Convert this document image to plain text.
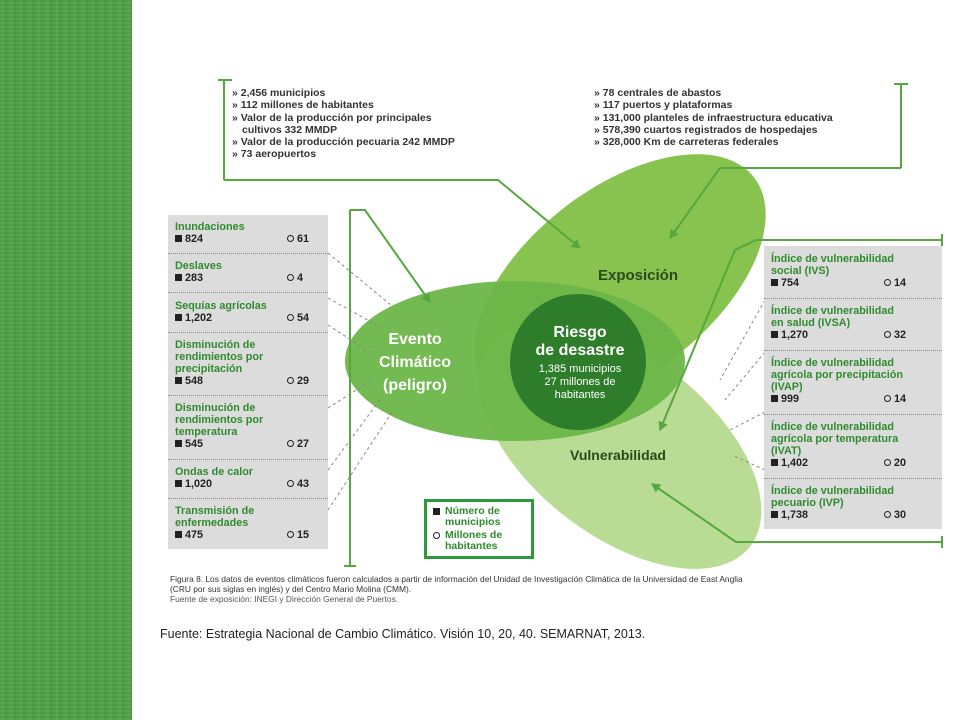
Evento
Climático
(peligro)
Exposición
Vulnerabilidad
Riesgo
de desastre
1,385 municipios
27 millones de
habitantes
» 2,456 municipios
» 112 millones de habitantes
» Valor de la producción por principales
cultivos 332 MMDP
» Valor de la producción pecuaria 242 MMDP
» 73 aeropuertos
» 78 centrales de abastos
» 117 puertos y plataformas
» 131,000 planteles de infraestructura educativa
» 578,390 cuartos registrados de hospedajes
» 328,000 Km de carreteras federales
Inundaciones
824	61
Deslaves
283	4
Sequías agrícolas
1,202	54
Disminución de
rendimientos por
precipitación
548	29
Disminución de
rendimientos por
temperatura
545	27
Ondas de calor
1,020	43
Transmisión de
enfermedades
475	15
Índice de vulnerabilidad
social (IVS)
754	14
Índice de vulnerabilidad
en salud (IVSA)
1,270	32
Índice de vulnerabilidad
agrícola por precipitación
(IVAP)
999	14
Índice de vulnerabilidad
agrícola por temperatura
(IVAT)
1,402	20
Índice de vulnerabilidad
pecuario (IVP)
1,738	30
Número de
municipios
Millones de
habitantes
Figura 8. Los datos de eventos climáticos fueron calculados a partir de información del Unidad de Investigación Climática de la Universidad de East Anglia
(CRU por sus siglas en inglés) y del Centro Mario Molina (CMM).
Fuente de exposición: INEGI y Dirección General de Puertos.
Fuente: Estrategia Nacional de Cambio Climático. Visión 10, 20, 40. SEMARNAT, 2013.
